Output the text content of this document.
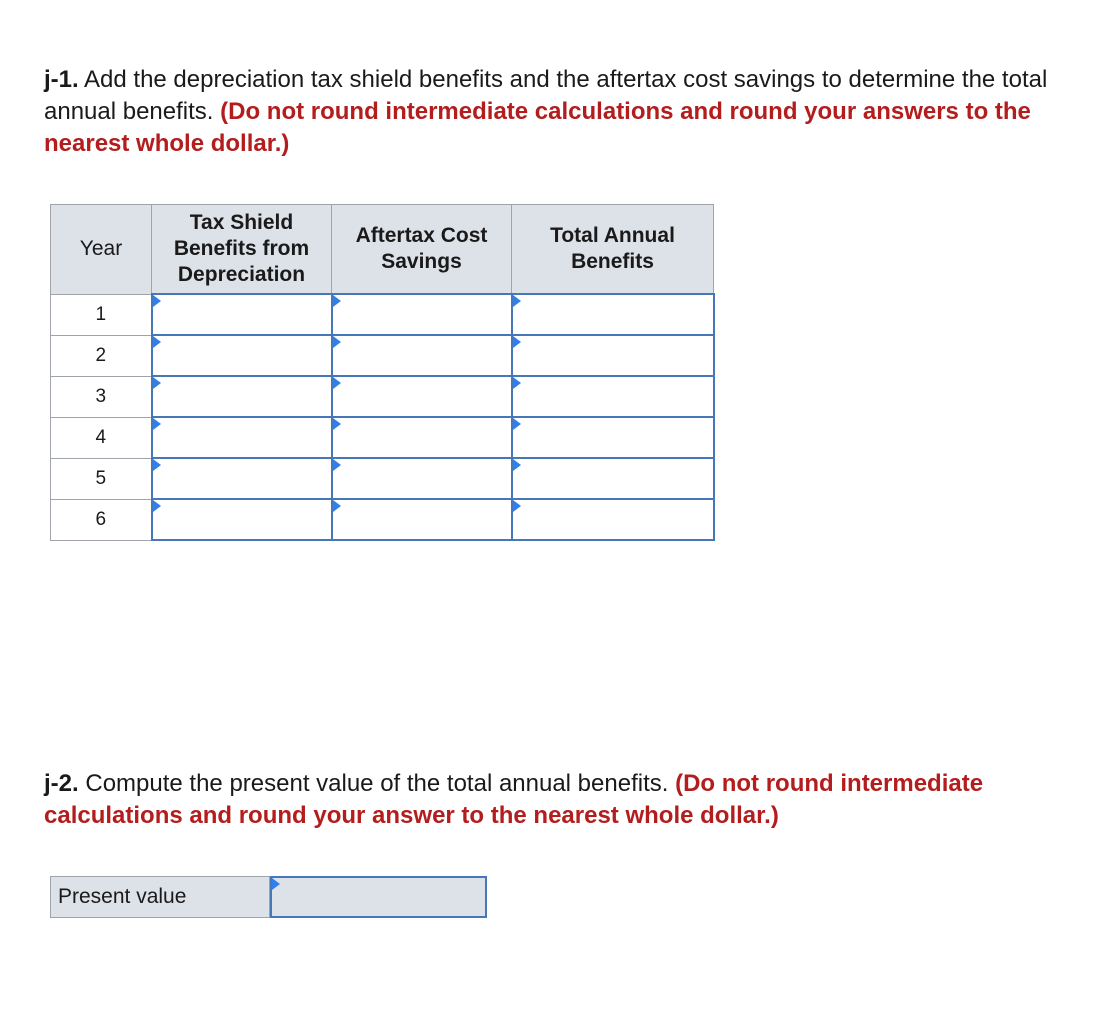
j-1. Add the depreciation tax shield benefits and the aftertax cost savings to determine the total annual benefits. (Do not round intermediate calculations and round your answers to the nearest whole dollar.)

Year	Tax Shield Benefits from Depreciation	Aftertax Cost Savings	Total Annual Benefits
1	

2	

3	

4	

5	

6	

j-2. Compute the present value of the total annual benefits. (Do not round intermediate calculations and round your answer to the nearest whole dollar.)

Present value
